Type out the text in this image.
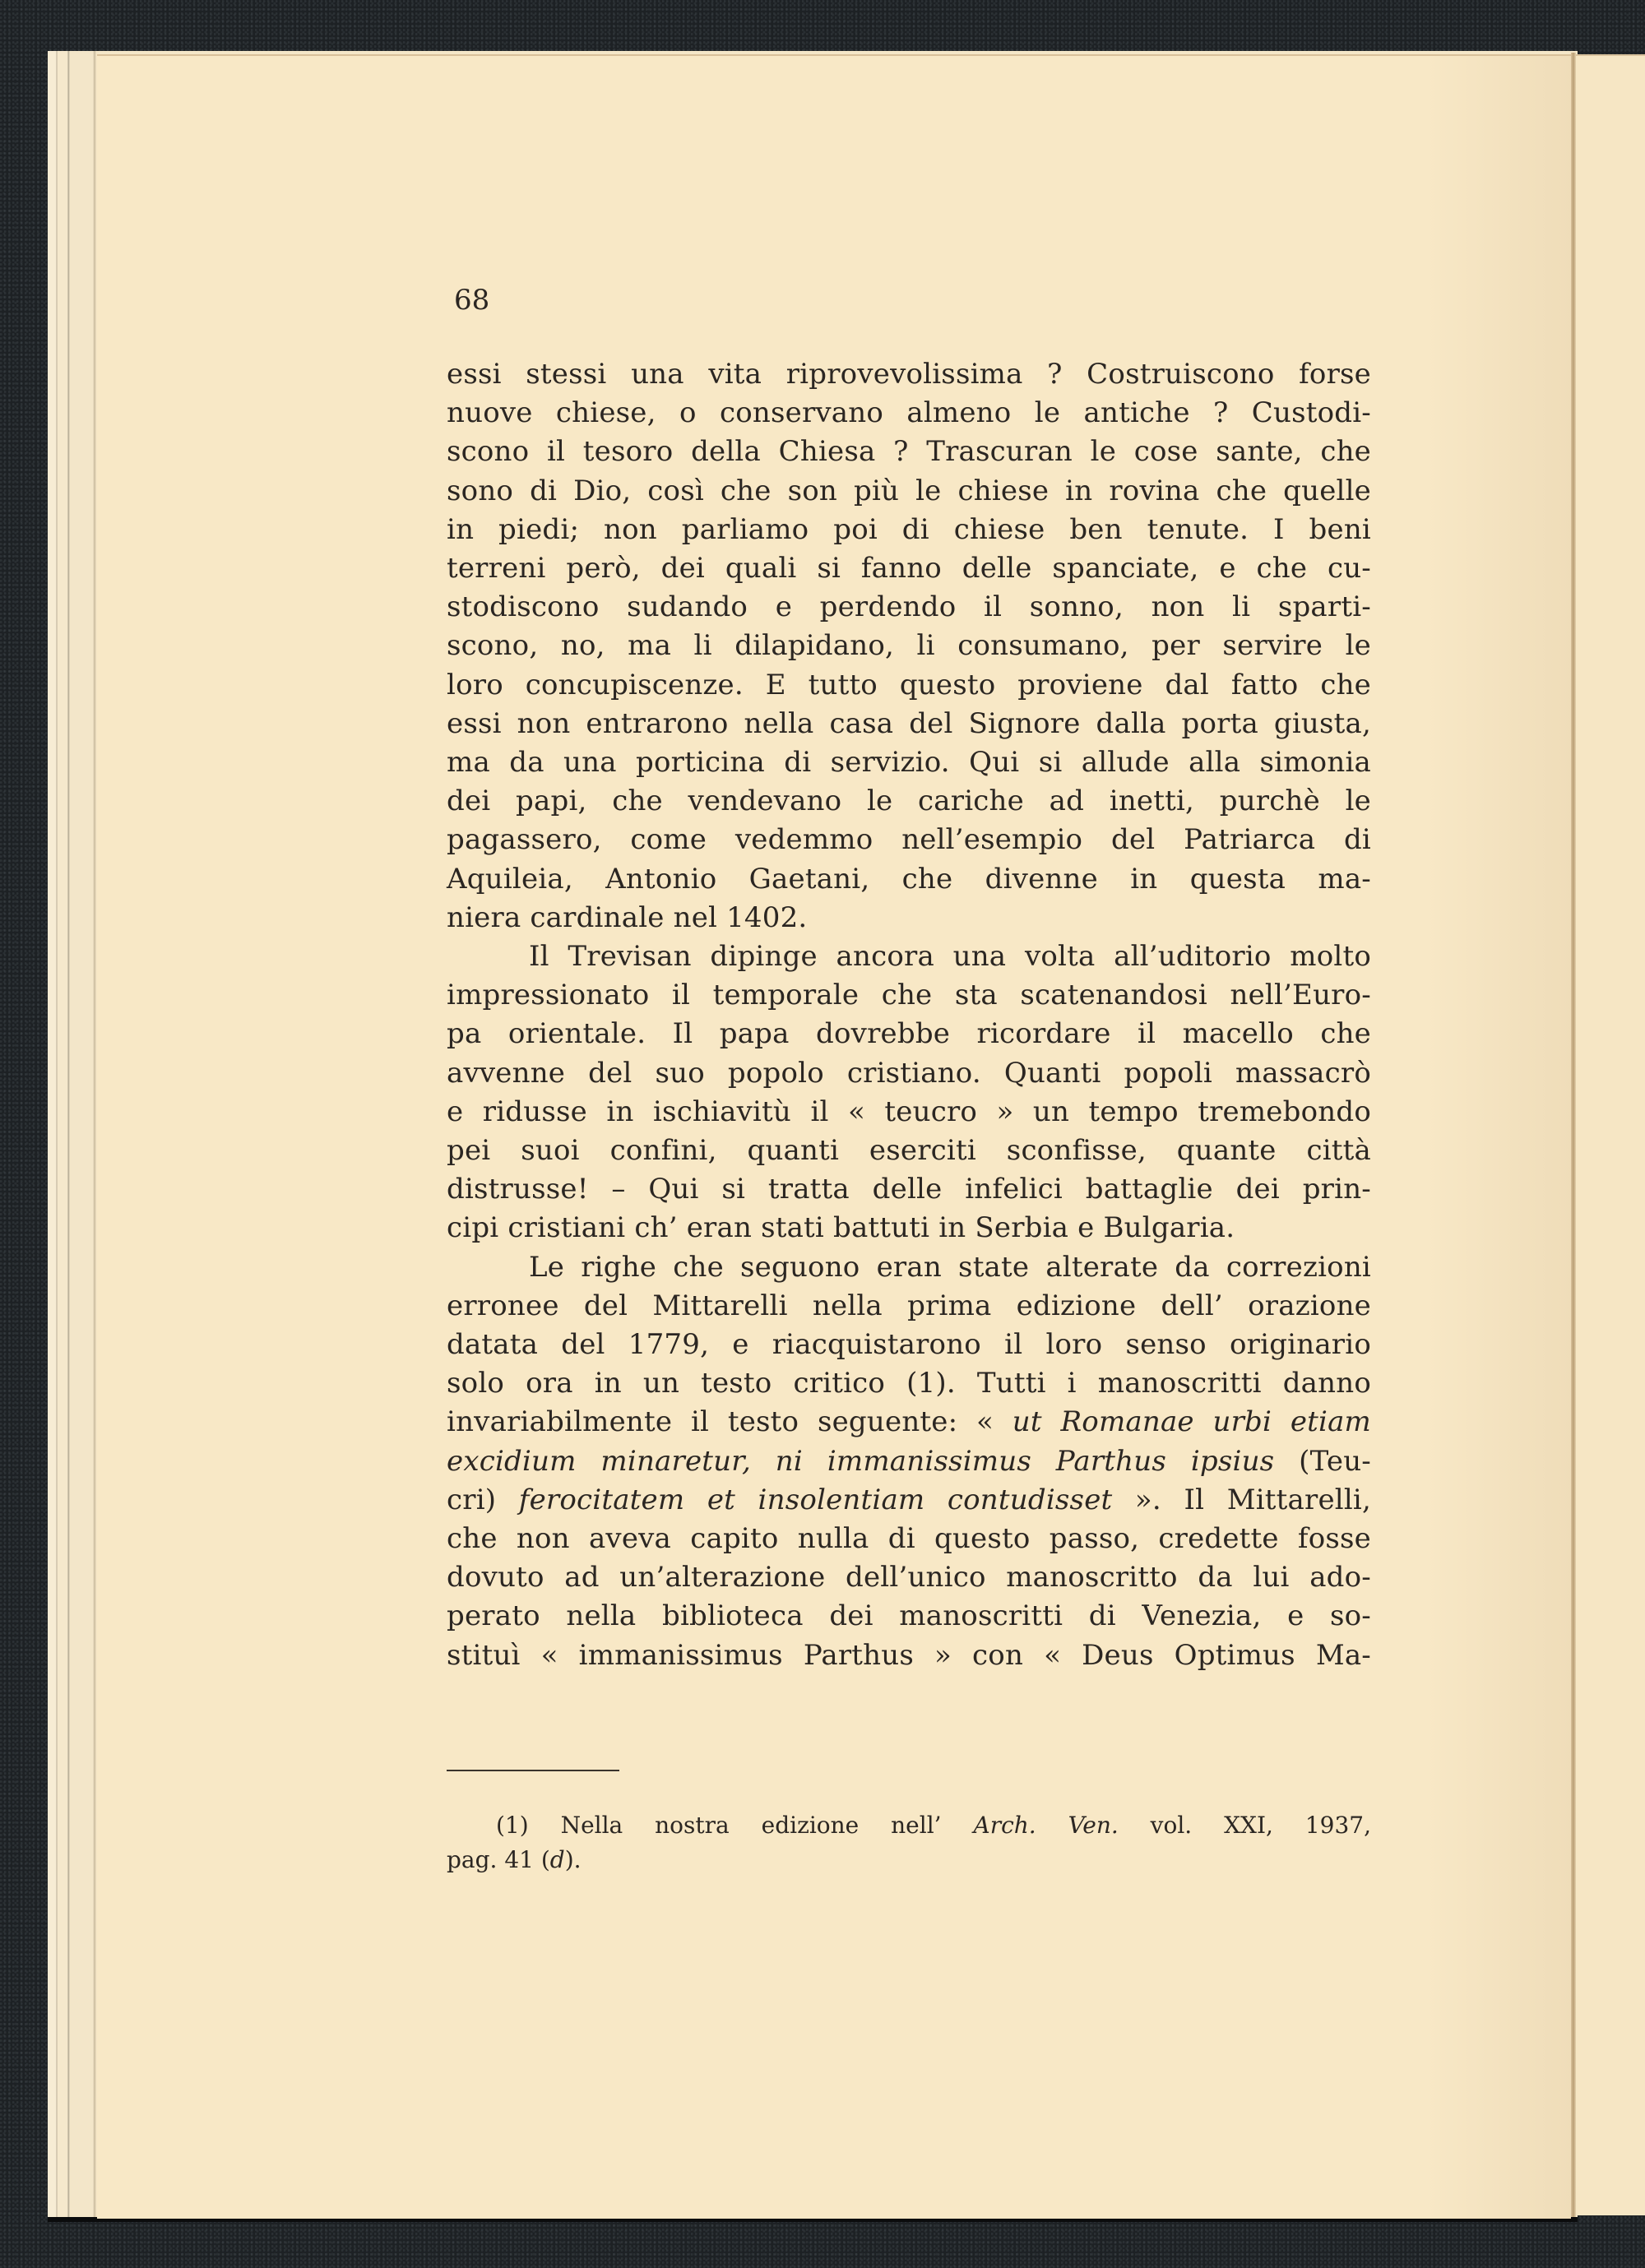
68
essi stessi una vita riprovevolissima ? Costruiscono forse
nuove chiese, o conservano almeno le antiche ? Custodi-
scono il tesoro della Chiesa ? Trascuran le cose sante, che
sono di Dio, così che son più le chiese in rovina che quelle
in piedi; non parliamo poi di chiese ben tenute. I beni
terreni però, dei quali si fanno delle spanciate, e che cu-
stodiscono sudando e perdendo il sonno, non li sparti-
scono, no, ma li dilapidano, li consumano, per servire le
loro concupiscenze. E tutto questo proviene dal fatto che
essi non entrarono nella casa del Signore dalla porta giusta,
ma da una porticina di servizio. Qui si allude alla simonia
dei papi, che vendevano le cariche ad inetti, purchè le
pagassero, come vedemmo nell’esempio del Patriarca di
Aquileia, Antonio Gaetani, che divenne in questa ma-
niera cardinale nel 1402.
Il Trevisan dipinge ancora una volta all’uditorio molto
impressionato il temporale che sta scatenandosi nell’Euro-
pa orientale. Il papa dovrebbe ricordare il macello che
avvenne del suo popolo cristiano. Quanti popoli massacrò
e ridusse in ischiavitù il « teucro » un tempo tremebondo
pei suoi confini, quanti eserciti sconfisse, quante città
distrusse! – Qui si tratta delle infelici battaglie dei prin-
cipi cristiani ch’ eran stati battuti in Serbia e Bulgaria.
Le righe che seguono eran state alterate da correzioni
erronee del Mittarelli nella prima edizione dell’ orazione
datata del 1779, e riacquistarono il loro senso originario
solo ora in un testo critico (1). Tutti i manoscritti danno
invariabilmente il testo seguente: « ut Romanae urbi etiam
excidium minaretur, ni immanissimus Parthus ipsius (Teu-
cri) ferocitatem et insolentiam contudisset ». Il Mittarelli,
che non aveva capito nulla di questo passo, credette fosse
dovuto ad un’alterazione dell’unico manoscritto da lui ado-
perato nella biblioteca dei manoscritti di Venezia, e so-
stituì « immanissimus Parthus » con « Deus Optimus Ma-
(1) Nella nostra edizione nell’ Arch. Ven. vol. XXI, 1937,
pag. 41 (d).
